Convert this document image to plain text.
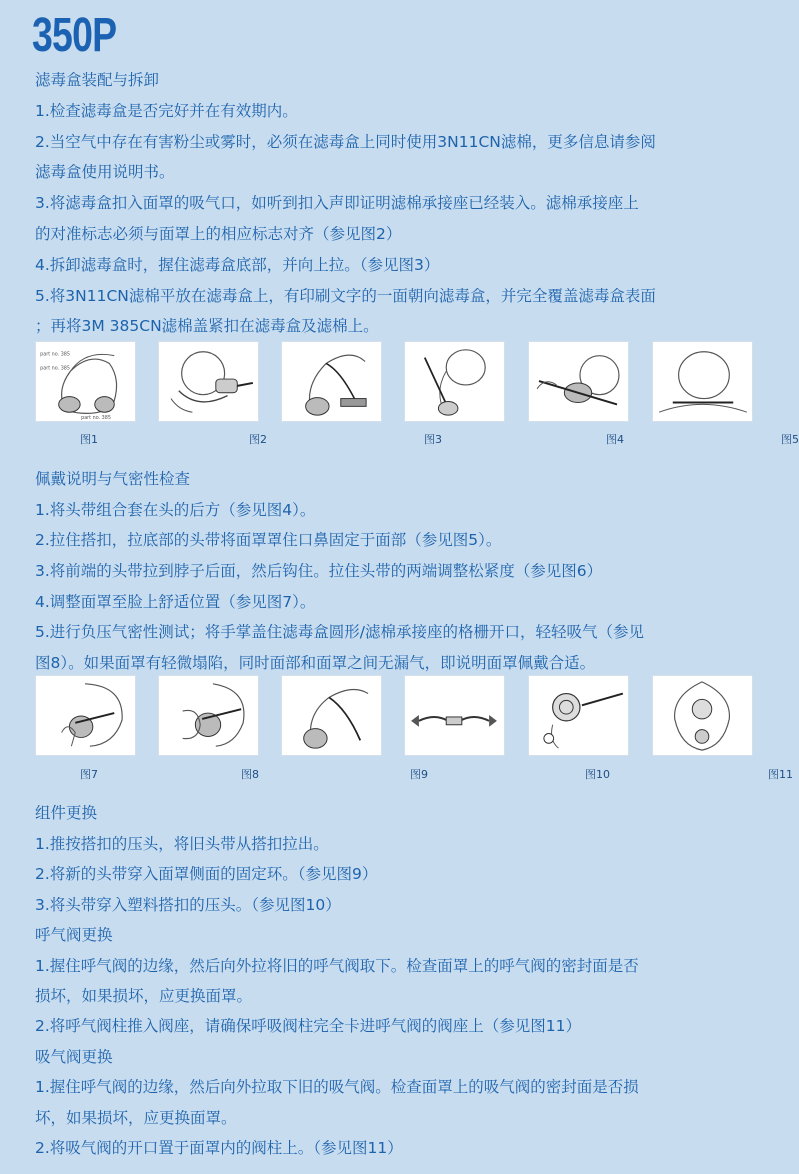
350P
滤毒盒装配与拆卸
1.检查滤毒盒是否完好并在有效期内。
2.当空气中存在有害粉尘或雾时，必须在滤毒盒上同时使用3N11CN滤棉，更多信息请参阅
滤毒盒使用说明书。
3.将滤毒盒扣入面罩的吸气口，如听到扣入声即证明滤棉承接座已经装入。滤棉承接座上
的对准标志必须与面罩上的相应标志对齐（参见图2）
4.拆卸滤毒盒时，握住滤毒盒底部，并向上拉。（参见图3）
5.将3N11CN滤棉平放在滤毒盒上，有印刷文字的一面朝向滤毒盒，并完全覆盖滤毒盒表面
；再将3M 385CN滤棉盖紧扣在滤毒盒及滤棉上。
part no. 385
part no. 385
part no. 385
图1	图2	图3	图4	图5
佩戴说明与气密性检查
1.将头带组合套在头的后方（参见图4）。
2.拉住搭扣，拉底部的头带将面罩罩住口鼻固定于面部（参见图5）。
3.将前端的头带拉到脖子后面，然后钩住。拉住头带的两端调整松紧度（参见图6）
4.调整面罩至脸上舒适位置（参见图7）。
5.进行负压气密性测试；将手掌盖住滤毒盒圆形/滤棉承接座的格栅开口，轻轻吸气（参见
图8）。如果面罩有轻微塌陷，同时面部和面罩之间无漏气，即说明面罩佩戴合适。
图7	图8	图9	图10	图11
组件更换
1.推按搭扣的压头，将旧头带从搭扣拉出。
2.将新的头带穿入面罩侧面的固定环。（参见图9）
3.将头带穿入塑料搭扣的压头。（参见图10）
呼气阀更换
1.握住呼气阀的边缘，然后向外拉将旧的呼气阀取下。检查面罩上的呼气阀的密封面是否
损坏，如果损坏，应更换面罩。
2.将呼气阀柱推入阀座，请确保呼吸阀柱完全卡进呼气阀的阀座上（参见图11）
吸气阀更换
1.握住呼气阀的边缘，然后向外拉取下旧的吸气阀。检查面罩上的吸气阀的密封面是否损
坏，如果损坏，应更换面罩。
2.将吸气阀的开口置于面罩内的阀柱上。（参见图11）
